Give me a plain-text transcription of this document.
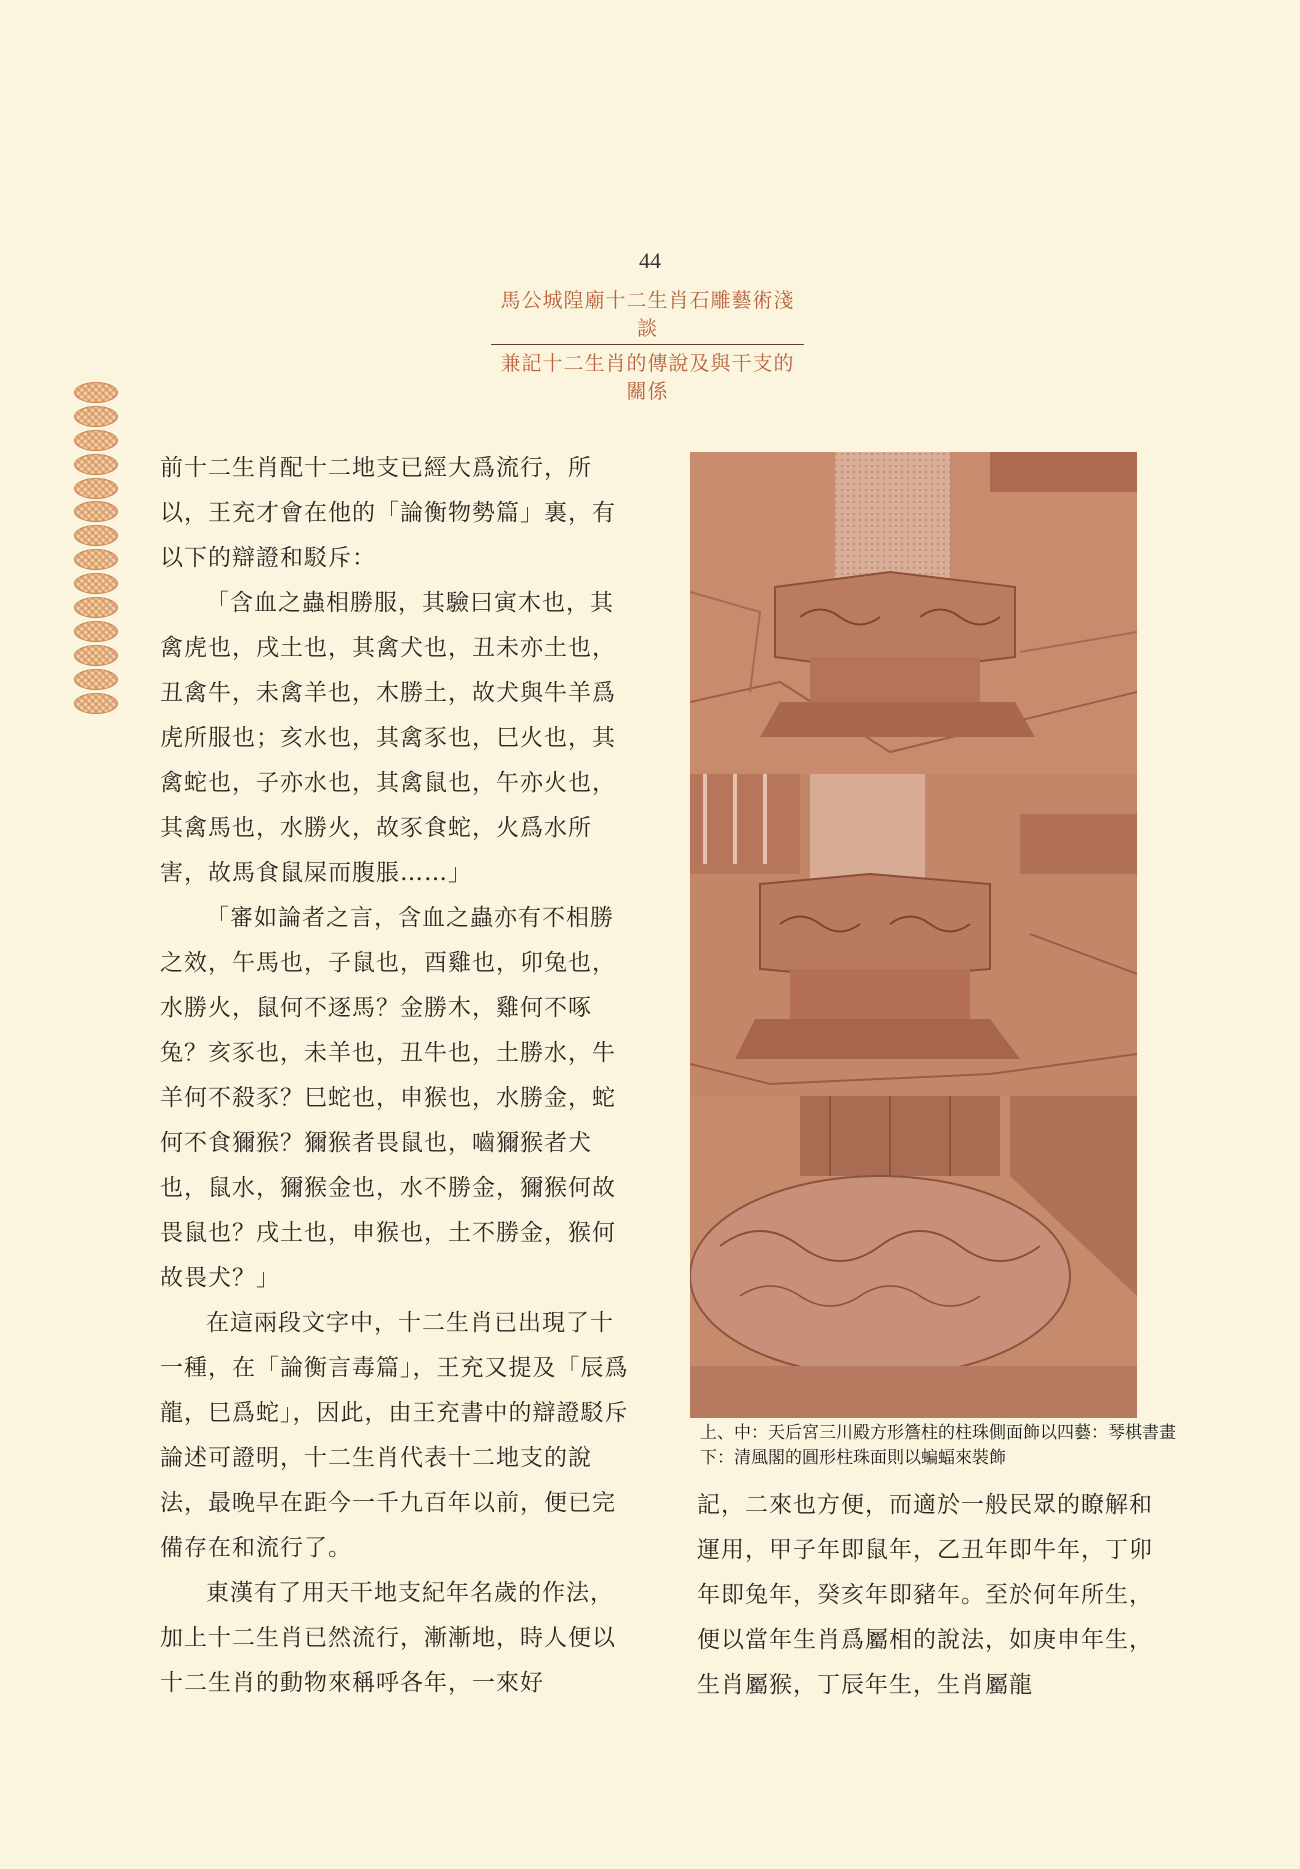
44
馬公城隍廟十二生肖石雕藝術淺談
兼記十二生肖的傳說及與干支的關係

前十二生肖配十二地支已經大爲流行，所以，王充才會在他的「論衡物勢篇」裏，有以下的辯證和駁斥：

「含血之蟲相勝服，其驗曰寅木也，其禽虎也，戌土也，其禽犬也，丑未亦土也，丑禽牛，未禽羊也，木勝土，故犬與牛羊爲虎所服也；亥水也，其禽豕也，巳火也，其禽蛇也，子亦水也，其禽鼠也，午亦火也，其禽馬也，水勝火，故豕食蛇，火爲水所害，故馬食鼠屎而腹脹……」

「審如論者之言，含血之蟲亦有不相勝之效，午馬也，子鼠也，酉雞也，卯兔也，水勝火，鼠何不逐馬？金勝木，雞何不啄兔？亥豕也，未羊也，丑牛也，土勝水，牛羊何不殺豕？巳蛇也，申猴也，水勝金，蛇何不食獮猴？獮猴者畏鼠也，嚙獮猴者犬也，鼠水，獮猴金也，水不勝金，獮猴何故畏鼠也？戌土也，申猴也，土不勝金，猴何故畏犬？」

在這兩段文字中，十二生肖已出現了十一種，在「論衡言毒篇」，王充又提及「辰爲龍，巳爲蛇」，因此，由王充書中的辯證駁斥論述可證明，十二生肖代表十二地支的說法，最晚早在距今一千九百年以前，便已完備存在和流行了。

東漢有了用天干地支紀年名歲的作法，加上十二生肖已然流行，漸漸地，時人便以十二生肖的動物來稱呼各年，一來好

上、中：天后宮三川殿方形簷柱的柱珠側面飾以四藝：琴棋書畫
下：清風閣的圓形柱珠面則以蝙蝠來裝飾
記，二來也方便，而適於一般民眾的瞭解和運用，甲子年即鼠年，乙丑年即牛年，丁卯年即兔年，癸亥年即豬年。至於何年所生，便以當年生肖爲屬相的說法，如庚申年生，生肖屬猴，丁辰年生，生肖屬龍
